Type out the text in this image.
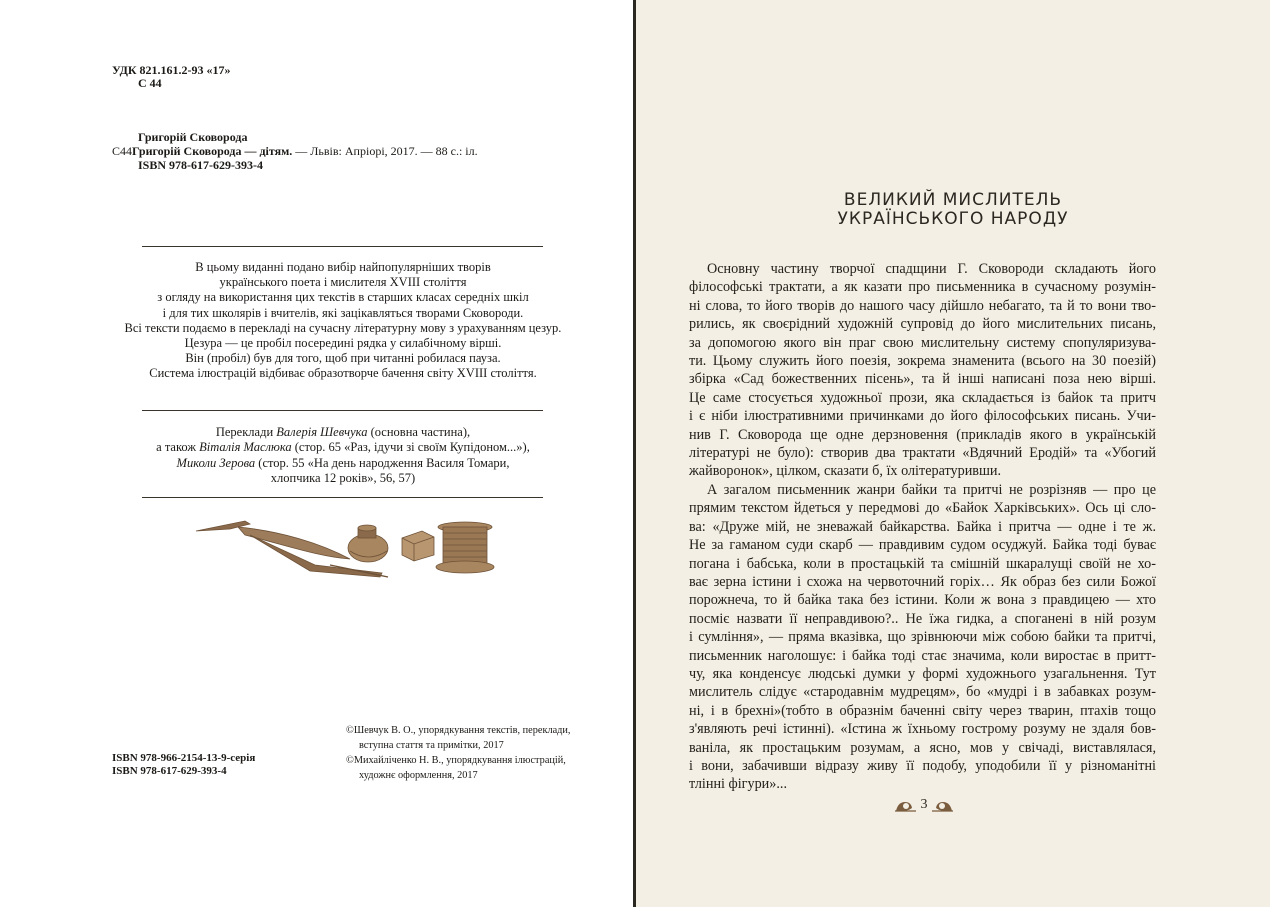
УДК 821.161.2-93 «17»
С 44
Григорій Сковорода
С44Григорій Сковорода — дітям. — Львів: Апріорі, 2017. — 88 с.: іл.
ISBN 978-617-629-393-4
В цьому виданні подано вибір найпопулярніших творів
українського поета і мислителя XVIII століття
з огляду на використання цих текстів в старших класах середніх шкіл
і для тих школярів і вчителів, які зацікавляться творами Сковороди.
Всі тексти подаємо в перекладі на сучасну літературну мову з урахуванням цезур.
Цезура — це пробіл посередині рядка у силабічному вірші.
Він (пробіл) був для того, щоб при читанні робилася пауза.
Система ілюстрацій відбиває образотворче бачення світу XVIII століття.
Переклади Валерія Шевчука (основна частина),
а також Віталія Маслюка (стор. 65 «Раз, ідучи зі своїм Купідоном...»),
Миколи Зерова (стор. 55 «На день народження Василя Томари,
хлопчика 12 років», 56, 57)
ISBN 978-966-2154-13-9-серія
ISBN 978-617-629-393-4
©Шевчук В. О., упорядкування текстів, переклади,
вступна стаття та примітки, 2017
©Михайліченко Н. В., упорядкування ілюстрацій,
художнє оформлення, 2017
ВЕЛИКИЙ МИСЛИТЕЛЬ
УКРАЇНСЬКОГО НАРОДУ
Основну частину творчої спадщини Г. Сковороди складають його
філософські трактати, а як казати про письменника в сучасному розумін-
ні слова, то його творів до нашого часу дійшло небагато, та й то вони тво-
рились, як своєрідний художній супровід до його мислительних писань,
за допомогою якого він праг свою мислительну систему спопуляризува-
ти. Цьому служить його поезія, зокрема знаменита (всього на 30 поезій)
збірка «Сад божественних пісень», та й інші написані поза нею вірші.
Це саме стосується художньої прози, яка складається із байок та притч
і є ніби ілюстративними причинками до його філософських писань. Учи-
нив Г. Сковорода ще одне дерзновення (прикладів якого в українській
літературі не було): створив два трактати «Вдячний Еродій» та «Убогий
жайворонок», цілком, сказати б, їх олітературивши.
А загалом письменник жанри байки та притчі не розрізняв — про це
прямим текстом йдеться у передмові до «Байок Харківських». Ось ці сло-
ва: «Друже мій, не зневажай байкарства. Байка і притча — одне і те ж.
Не за гаманом суди скарб — правдивим судом осуджуй. Байка тоді буває
погана і бабська, коли в простацькій та смішній шкаралущі своїй не хо-
ває зерна істини і схожа на червоточний горіх… Як образ без сили Божої
порожнеча, то й байка така без істини. Коли ж вона з правдицею — хто
посміє назвати її неправдивою?.. Не їжа гидка, а споганені в ній розум
і сумління», — пряма вказівка, що зрівнюючи між собою байки та притчі,
письменник наголошує: і байка тоді стає значима, коли виростає в притт-
чу, яка конденсує людські думки у формі художнього узагальнення. Тут
мислитель слідує «стародавнім мудрецям», бо «мудрі і в забавках розум-
ні, і в брехні»(тобто в образнім баченні світу через тварин, птахів тощо
з'являють речі істинні). «Істина ж їхньому гострому розуму не здаля бов-
ваніла, як простацьким розумам, а ясно, мов у свічаді, виставлялася,
і вони, забачивши відразу живу її подобу, уподобили її у різноманітні
тлінні фігури»...
3
